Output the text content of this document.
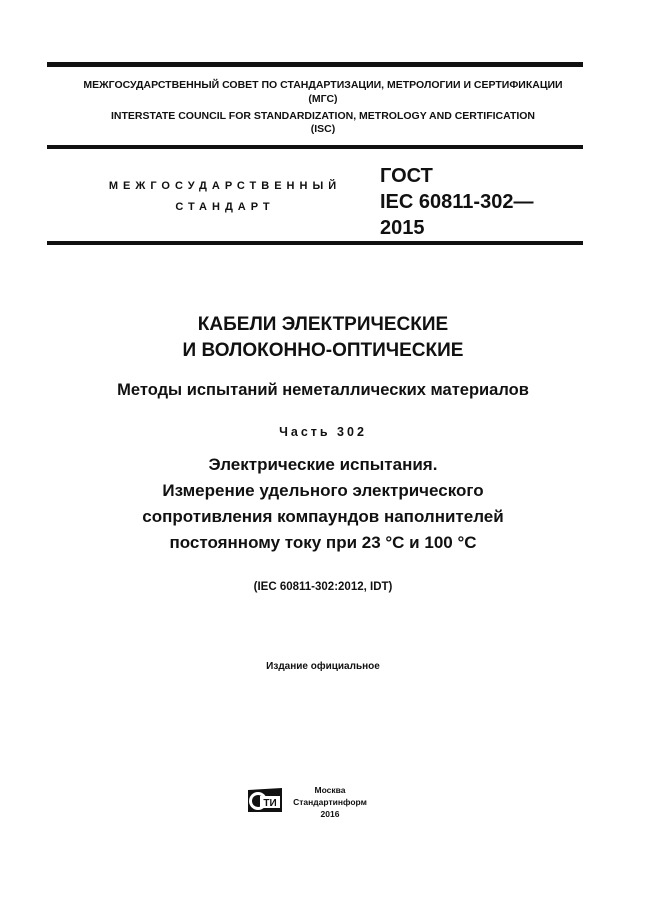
МЕЖГОСУДАРСТВЕННЫЙ СОВЕТ ПО СТАНДАРТИЗАЦИИ, МЕТРОЛОГИИ И СЕРТИФИКАЦИИ
(МГС)
INTERSTATE COUNCIL FOR STANDARDIZATION, METROLOGY AND CERTIFICATION
(ISC)
МЕЖГОСУДАРСТВЕННЫЙ
СТАНДАРТ
ГОСТ
IEC 60811-302—
2015
КАБЕЛИ ЭЛЕКТРИЧЕСКИЕ
И ВОЛОКОННО-ОПТИЧЕСКИЕ
Методы испытаний неметаллических материалов
Часть 302
Электрические испытания.
Измерение удельного электрического
сопротивления компаундов наполнителей
постоянному току при 23 °С и 100 °С
(IEC 60811-302:2012, IDT)
Издание официальное
ТИ
Москва
Стандартинформ
2016
